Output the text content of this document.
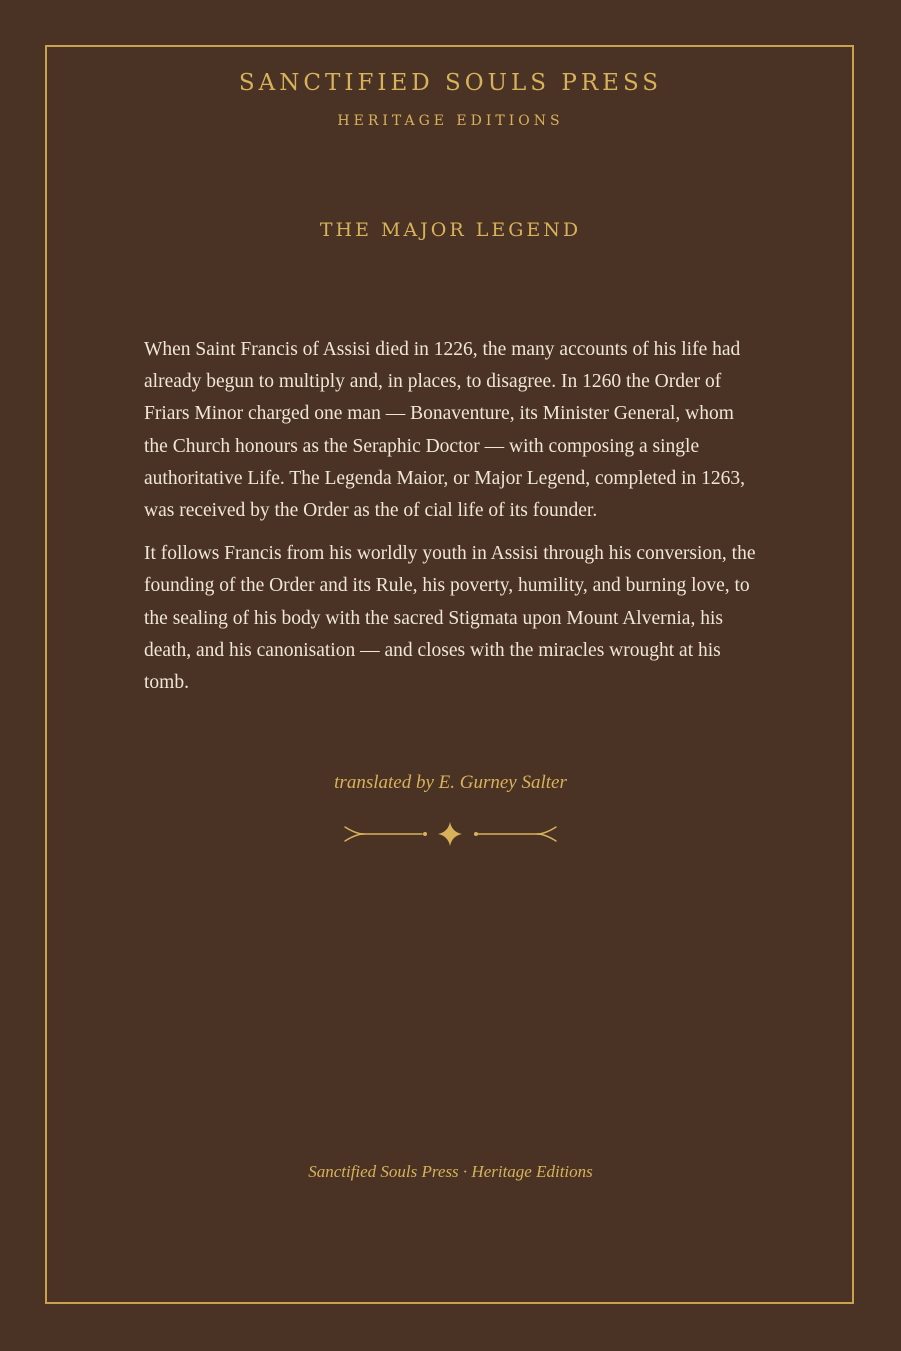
SANCTIFIED SOULS PRESS
HERITAGE EDITIONS
THE MAJOR LEGEND

When Saint Francis of Assisi died in 1226, the many accounts of his life had already begun to multiply and, in places, to disagree. In 1260 the Order of Friars Minor charged one man — Bonaventure, its Minister General, whom the Church honours as the Seraphic Doctor — with composing a single authoritative Life. The Legenda Maior, or Major Legend, completed in 1263, was received by the Order as the of cial life of its founder.

It follows Francis from his worldly youth in Assisi through his conversion, the founding of the Order and its Rule, his poverty, humility, and burning love, to the sealing of his body with the sacred Stigmata upon Mount Alvernia, his death, and his canonisation — and closes with the miracles wrought at his tomb.

translated by E. Gurney Salter
Sanctified Souls Press · Heritage Editions
